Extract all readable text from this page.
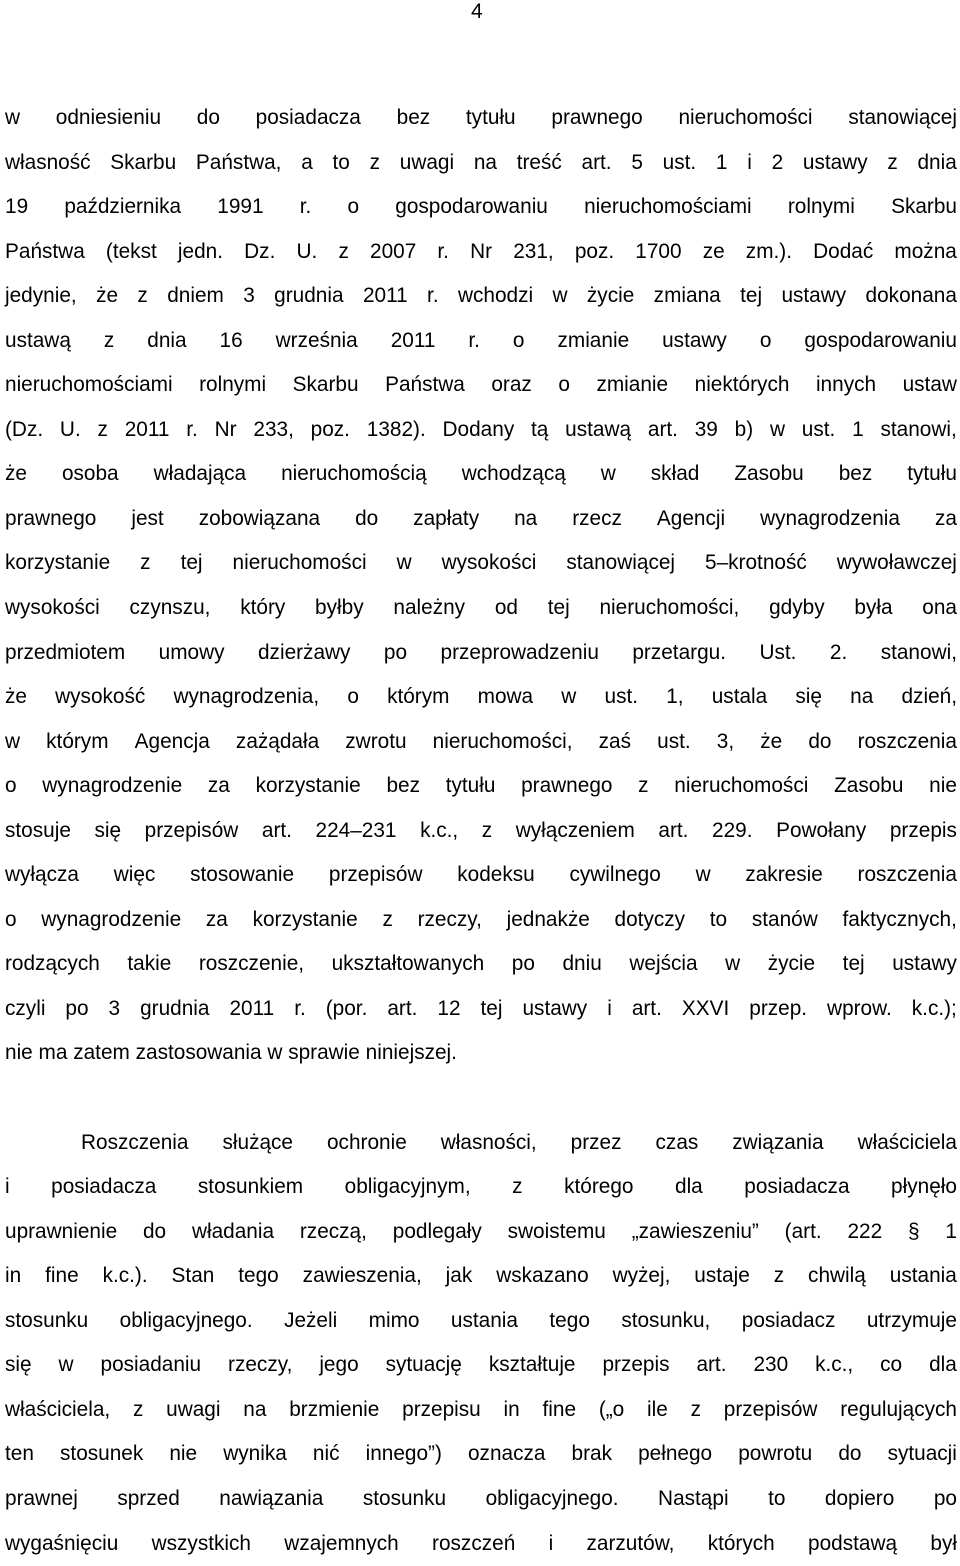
4
w odniesieniu do posiadacza bez tytułu prawnego nieruchomości stanowiącej
własność Skarbu Państwa, a to z uwagi na treść art. 5 ust. 1 i 2 ustawy z dnia
19 października 1991 r. o gospodarowaniu nieruchomościami rolnymi Skarbu
Państwa (tekst jedn. Dz. U. z 2007 r. Nr 231, poz. 1700 ze zm.). Dodać można
jedynie, że z dniem 3 grudnia 2011 r. wchodzi w życie zmiana tej ustawy dokonana
ustawą z dnia 16 września 2011 r. o zmianie ustawy o gospodarowaniu
nieruchomościami rolnymi Skarbu Państwa oraz o zmianie niektórych innych ustaw
(Dz. U. z 2011 r. Nr 233, poz. 1382). Dodany tą ustawą art. 39 b) w ust. 1 stanowi,
że osoba władająca nieruchomością wchodzącą w skład Zasobu bez tytułu
prawnego jest zobowiązana do zapłaty na rzecz Agencji wynagrodzenia za
korzystanie z tej nieruchomości w wysokości stanowiącej 5–krotność wywoławczej
wysokości czynszu, który byłby należny od tej nieruchomości, gdyby była ona
przedmiotem umowy dzierżawy po przeprowadzeniu przetargu. Ust. 2. stanowi,
że wysokość wynagrodzenia, o którym mowa w ust. 1, ustala się na dzień,
w którym Agencja zażądała zwrotu nieruchomości, zaś ust. 3, że do roszczenia
o wynagrodzenie za korzystanie bez tytułu prawnego z nieruchomości Zasobu nie
stosuje się przepisów art. 224–231 k.c., z wyłączeniem art. 229. Powołany przepis
wyłącza więc stosowanie przepisów kodeksu cywilnego w zakresie roszczenia
o wynagrodzenie za korzystanie z rzeczy, jednakże dotyczy to stanów faktycznych,
rodzących takie roszczenie, ukształtowanych po dniu wejścia w życie tej ustawy
czyli po 3 grudnia 2011 r. (por. art. 12 tej ustawy i art. XXVI przep. wprow. k.c.);
nie ma zatem zastosowania w sprawie niniejszej.
Roszczenia służące ochronie własności, przez czas związania właściciela
i posiadacza stosunkiem obligacyjnym, z którego dla posiadacza płynęło
uprawnienie do władania rzeczą, podlegały swoistemu „zawieszeniu” (art. 222 § 1
in fine k.c.). Stan tego zawieszenia, jak wskazano wyżej, ustaje z chwilą ustania
stosunku obligacyjnego. Jeżeli mimo ustania tego stosunku, posiadacz utrzymuje
się w posiadaniu rzeczy, jego sytuację kształtuje przepis art. 230 k.c., co dla
właściciela, z uwagi na brzmienie przepisu in fine („o ile z przepisów regulujących
ten stosunek nie wynika nić innego”) oznacza brak pełnego powrotu do sytuacji
prawnej sprzed nawiązania stosunku obligacyjnego. Nastąpi to dopiero po
wygaśnięciu wszystkich wzajemnych roszczeń i zarzutów, których podstawą był
